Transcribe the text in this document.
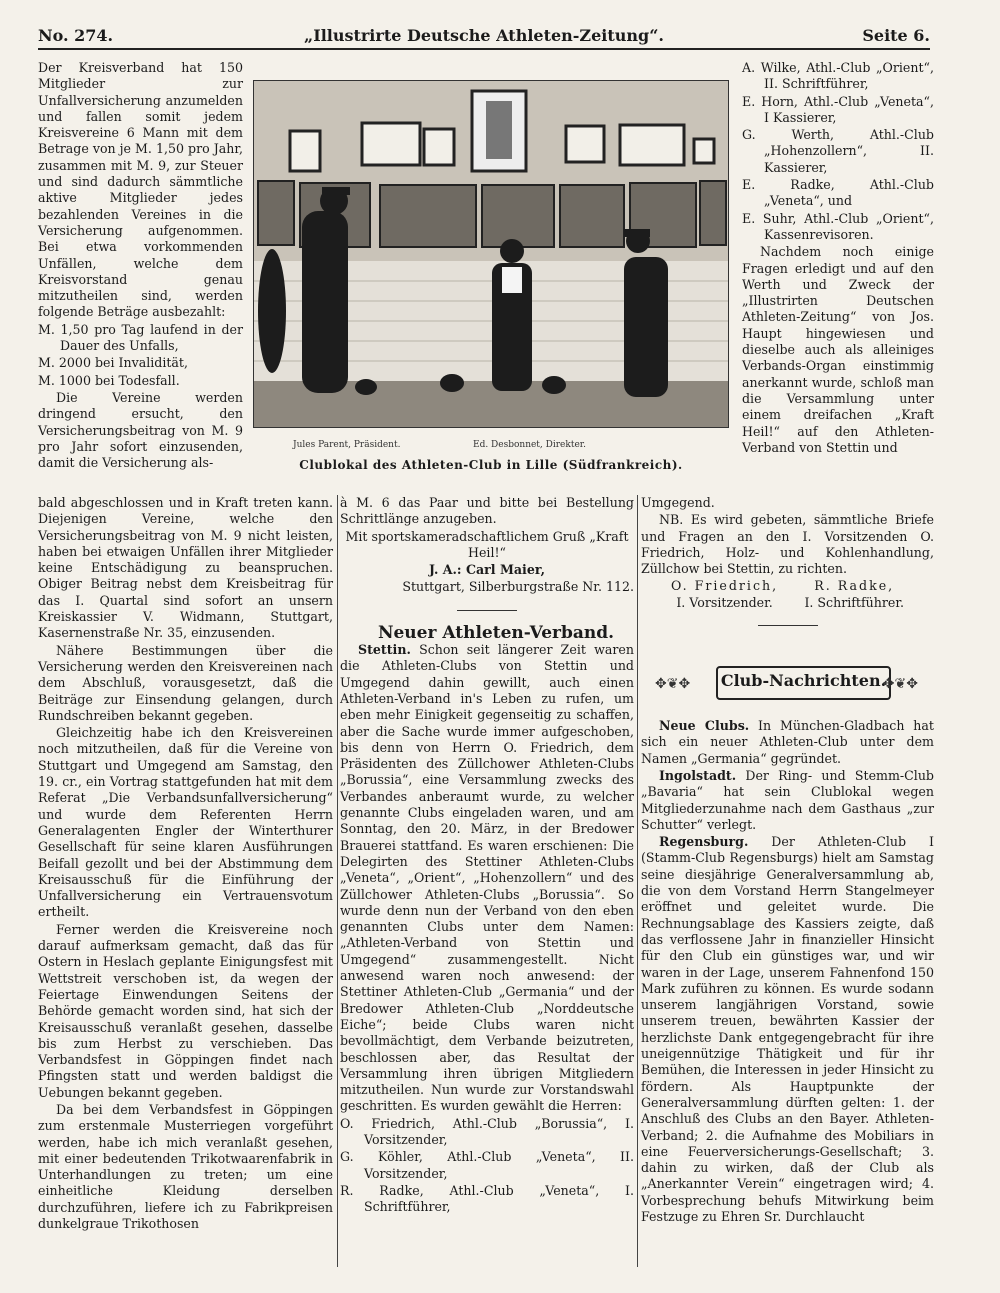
No. 274.	„Illustrirte Deutsche Athleten-Zeitung“.	Seite 6.

Der Kreisverband hat 150 Mitglieder zur Unfallversicherung anzumelden und fallen somit jedem Kreisvereine 6 Mann mit dem Betrage von je M. 1,50 pro Jahr, zusammen mit M. 9, zur Steuer und sind dadurch sämmtliche aktive Mitglieder jedes bezahlenden Vereines in die Versicherung aufgenommen. Bei etwa vorkommenden Unfällen, welche dem Kreisvorstand genau mitzutheilen sind, werden folgende Beträge ausbezahlt:

M. 1,50 pro Tag laufend in der Dauer des Unfalls,

M. 2000 bei Invalidität,

M. 1000 bei Todesfall.

Die Vereine werden dringend ersucht, den Versicherungsbeitrag von M. 9 pro Jahr sofort einzusenden, damit die Versicherung als-

Jules Parent, Präsident.	Ed. Desbonnet, Direkter.
Clublokal des Athleten-Club in Lille (Südfrankreich).

A. Wilke, Athl.-Club „Orient“, II. Schriftführer,

E. Horn, Athl.-Club „Veneta“, I Kassierer,

G. Werth, Athl.-Club „Hohenzollern“, II. Kassierer,

E. Radke, Athl.-Club „Veneta“, und

E. Suhr, Athl.-Club „Orient“, Kassenrevisoren.

Nachdem noch einige Fragen erledigt und auf den Werth und Zweck der „Illustrirten Deutschen Athleten-Zeitung“ von Jos. Haupt hingewiesen und dieselbe auch als alleiniges Verbands-Organ einstimmig anerkannt wurde, schloß man die Versammlung unter einem dreifachen „Kraft Heil!“ auf den Athleten-Verband von Stettin und

bald abgeschlossen und in Kraft treten kann. Diejenigen Vereine, welche den Versicherungsbeitrag von M. 9 nicht leisten, haben bei etwaigen Unfällen ihrer Mitglieder keine Entschädigung zu beanspruchen. Obiger Beitrag nebst dem Kreisbeitrag für das I. Quartal sind sofort an unsern Kreiskassier V. Widmann, Stuttgart, Kasernenstraße Nr. 35, einzusenden.

Nähere Bestimmungen über die Versicherung werden den Kreisvereinen nach dem Abschluß, vorausgesetzt, daß die Beiträge zur Einsendung gelangen, durch Rundschreiben bekannt gegeben.

Gleichzeitig habe ich den Kreisvereinen noch mitzutheilen, daß für die Vereine von Stuttgart und Umgegend am Samstag, den 19. cr., ein Vortrag stattgefunden hat mit dem Referat „Die Verbandsunfallversicherung“ und wurde dem Referenten Herrn Generalagenten Engler der Winterthurer Gesellschaft für seine klaren Ausführungen Beifall gezollt und bei der Abstimmung dem Kreisausschuß für die Einführung der Unfallversicherung ein Vertrauensvotum ertheilt.

Ferner werden die Kreisvereine noch darauf aufmerksam gemacht, daß das für Ostern in Heslach geplante Einigungsfest mit Wettstreit verschoben ist, da wegen der Feiertage Einwendungen Seitens der Behörde gemacht worden sind, hat sich der Kreisausschuß veranlaßt gesehen, dasselbe bis zum Herbst zu verschieben. Das Verbandsfest in Göppingen findet nach Pfingsten statt und werden baldigst die Uebungen bekannt gegeben.

Da bei dem Verbandsfest in Göppingen zum erstenmale Musterriegen vorgeführt werden, habe ich mich veranlaßt gesehen, mit einer bedeutenden Trikotwaarenfabrik in Unterhandlungen zu treten; um eine einheitliche Kleidung derselben durchzuführen, liefere ich zu Fabrikpreisen dunkelgraue Trikothosen

à M. 6 das Paar und bitte bei Bestellung Schrittlänge anzugeben.

Mit sportskameradschaftlichem Gruß „Kraft Heil!“

J. A.: Carl Maier,

Stuttgart, Silberburgstraße Nr. 112.

Neuer Athleten-Verband.

Stettin. Schon seit längerer Zeit waren die Athleten-Clubs von Stettin und Umgegend dahin gewillt, auch einen Athleten-Verband in's Leben zu rufen, um eben mehr Einigkeit gegenseitig zu schaffen, aber die Sache wurde immer aufgeschoben, bis denn von Herrn O. Friedrich, dem Präsidenten des Züllchower Athleten-Clubs „Borussia“, eine Versammlung zwecks des Verbandes anberaumt wurde, zu welcher genannte Clubs eingeladen waren, und am Sonntag, den 20. März, in der Bredower Brauerei stattfand. Es waren erschienen: Die Delegirten des Stettiner Athleten-Clubs „Veneta“, „Orient“, „Hohenzollern“ und des Züllchower Athleten-Clubs „Borussia“. So wurde denn nun der Verband von den eben genannten Clubs unter dem Namen: „Athleten-Verband von Stettin und Umgegend“ zusammengestellt. Nicht anwesend waren noch anwesend: der Stettiner Athleten-Club „Germania“ und der Bredower Athleten-Club „Norddeutsche Eiche“; beide Clubs waren nicht bevollmächtigt, dem Verbande beizutreten, beschlossen aber, das Resultat der Versammlung ihren übrigen Mitgliedern mitzutheilen. Nun wurde zur Vorstandswahl geschritten. Es wurden gewählt die Herren:

O. Friedrich, Athl.-Club „Borussia“, I. Vorsitzender,

G. Köhler, Athl.-Club „Veneta“, II. Vorsitzender,

R. Radke, Athl.-Club „Veneta“, I. Schriftführer,

Umgegend.

NB. Es wird gebeten, sämmtliche Briefe und Fragen an den I. Vorsitzenden O. Friedrich, Holz- und Kohlenhandlung, Züllchow bei Stettin, zu richten.

O. Friedrich,
I. Vorsitzender.
R. Radke,
I. Schriftführer.
✥❦✥	Club-Nachrichten.
✥❦✥

Neue Clubs. In München-Gladbach hat sich ein neuer Athleten-Club unter dem Namen „Germania“ gegründet.

Ingolstadt. Der Ring- und Stemm-Club „Bavaria“ hat sein Clublokal wegen Mitgliederzunahme nach dem Gasthaus „zur Schutter“ verlegt.

Regensburg. Der Athleten-Club I (Stamm-Club Regensburgs) hielt am Samstag seine diesjährige Generalversammlung ab, die von dem Vorstand Herrn Stangelmeyer eröffnet und geleitet wurde. Die Rechnungsablage des Kassiers zeigte, daß das verflossene Jahr in finanzieller Hinsicht für den Club ein günstiges war, und wir waren in der Lage, unserem Fahnenfond 150 Mark zuführen zu können. Es wurde sodann unserem langjährigen Vorstand, sowie unserem treuen, bewährten Kassier der herzlichste Dank entgegengebracht für ihre uneigennützige Thätigkeit und für ihr Bemühen, die Interessen in jeder Hinsicht zu fördern. Als Hauptpunkte der Generalversammlung dürften gelten: 1. der Anschluß des Clubs an den Bayer. Athleten-Verband; 2. die Aufnahme des Mobiliars in eine Feuerversicherungs-Gesellschaft; 3. dahin zu wirken, daß der Club als „Anerkannter Verein“ eingetragen wird; 4. Vorbesprechung behufs Mitwirkung beim Festzuge zu Ehren Sr. Durchlaucht
